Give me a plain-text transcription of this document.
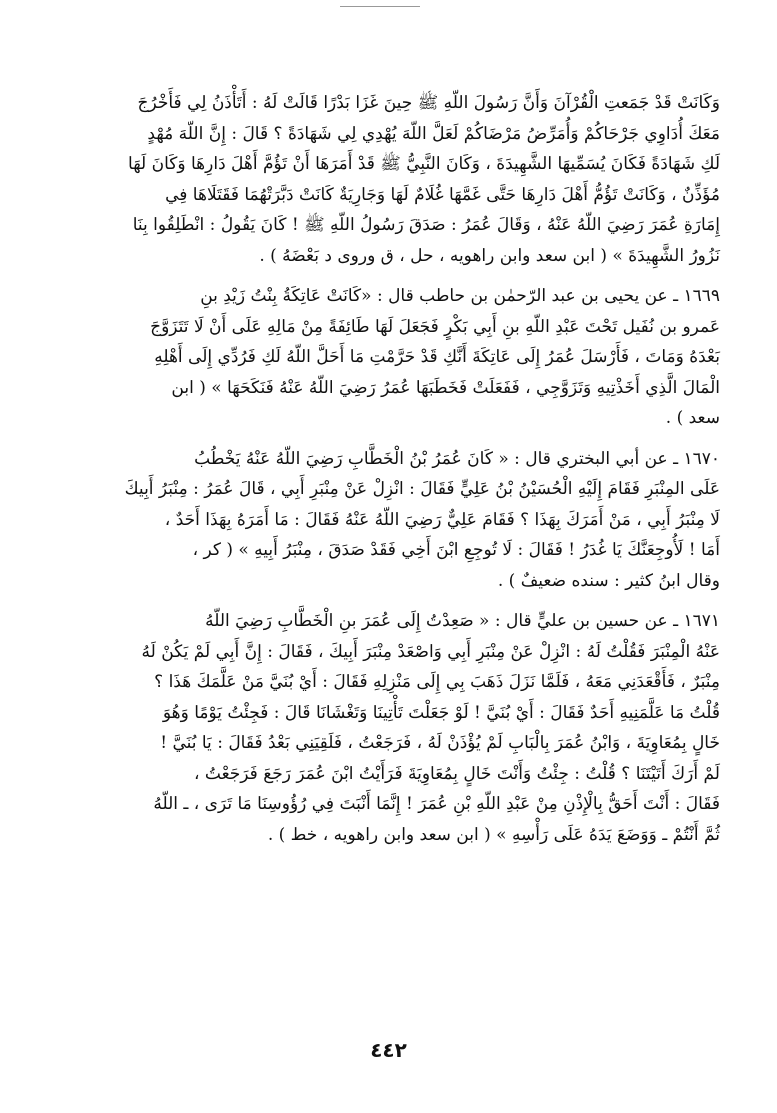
وَكَانَتْ قَدْ جَمَعتِ الْقُرْآنَ وَأَنَّ رَسُولَ اللّهِ ﷺ حِينَ غَزَا بَدْرًا قَالَتْ لَهُ : أَتَأْذَنُ لِي فَأَخْرُجَ
مَعَكَ أُدَاوِي جَرْحَاكُمْ وَأُمَرِّضُ مَرْضَاكُمْ لَعَلَّ اللّهَ يُهْدِي لِي شَهَادَةً ؟ قَالَ : إِنَّ اللّهَ مُهْدٍ
لَكِ شَهَادَةً فَكَانَ يُسَمِّيهَا الشَّهِيدَةَ ، وَكَانَ النَّبِيُّ ﷺ قَدْ أَمَرَهَا أَنْ تَؤُمَّ أَهْلَ دَارِهَا وَكَانَ لَهَا
مُؤَذِّنٌ ، وَكَانَتْ تَؤُمُّ أَهْلَ دَارِهَا حَتَّى غَمَّهَا غُلَامٌ لَهَا وَجَارِيَةٌ كَانَتْ دَبَّرَتْهُمَا فَقَتَلَاهَا فِي
إِمَارَةِ عُمَرَ رَضِيَ اللّهُ عَنْهُ ، وَقَالَ عُمَرُ : صَدَقَ رَسُولُ اللّهِ ﷺ ! كَانَ يَقُولُ : انْطَلِقُوا بِنَا
نَزُورُ الشَّهِيدَةَ » ( ابن سعد وابن راهويه ، حل ، ق وروى د بَعْضَهُ ) .

١٦٦٩ ـ عن يحيى بن عبد الرّحمٰن بن حاطب قال : «كَانَتْ عَاتِكَةُ بِنْتُ زَيْدِ بنِ
عَمرو بن نُفَيل تَحْتَ عَبْدِ اللّهِ بنِ أَبِي بَكْرٍ فَجَعَلَ لَهَا طَائِفَةً مِنْ مَالِهِ عَلَى أَنْ لَا تَتَزَوَّجَ
بَعْدَهُ وَمَاتَ ، فَأَرْسَلَ عُمَرُ إِلَى عَاتِكَةَ أَنَّكِ قَدْ حَرَّمْتِ مَا أَحَلَّ اللّهُ لَكِ فَرُدِّي إِلَى أَهْلِهِ
الْمَالَ الَّذِي أَخَذْتِيهِ وَتَزَوَّجِي ، فَفَعَلَتْ فَخَطَبَهَا عُمَرُ رَضِيَ اللّهُ عَنْهُ فَنَكَحَهَا » ( ابن
سعد ) .

١٦٧٠ ـ عن أبي البختري قال : « كَانَ عُمَرُ بْنُ الْخَطَّابِ رَضِيَ اللّهُ عَنْهُ يَخْطُبُ
عَلَى المِنْبَرِ فَقَامَ إِلَيْهِ الْحُسَيْنُ بْنُ عَلِيٍّ فَقَالَ : انْزِلْ عَنْ مِنْبَرِ أَبِي ، قَالَ عُمَرُ : مِنْبَرُ أَبِيكَ
لَا مِنْبَرُ أَبِي ، مَنْ أَمَرَكَ بِهَذَا ؟ فَقَامَ عَلِيٌّ رَضِيَ اللّهُ عَنْهُ فَقَالَ : مَا أَمَرَهُ بِهَذَا أَحَدٌ ،
أَمَا ! لَأُوجِعَنَّكَ يَا غُدَرُ ! فَقَالَ : لَا تُوجِعِ ابْنَ أَخِي فَقَدْ صَدَقَ ، مِنْبَرُ أَبِيهِ » ( كر ،
وقال ابنُ كثير : سنده ضعيفٌ ) .

١٦٧١ ـ عن حسين بن عليٍّ قال : « صَعِدْتُ إِلَى عُمَرَ بنِ الْخَطَّابِ رَضِيَ اللّهُ
عَنْهُ الْمِنْبَرَ فَقُلْتُ لَهُ : انْزِلْ عَنْ مِنْبَرِ أَبِي وَاصْعَدْ مِنْبَرَ أَبِيكَ ، فَقَالَ : إِنَّ أَبِي لَمْ يَكُنْ لَهُ
مِنْبَرٌ ، فَأَقْعَدَنِي مَعَهُ ، فَلَمَّا نَزَلَ ذَهَبَ بِي إِلَى مَنْزِلِهِ فَقَالَ : أَيْ بُنَيَّ مَنْ عَلَّمَكَ هَذَا ؟
قُلْتُ مَا عَلَّمَنِيهِ أَحَدٌ فَقَالَ : أَيْ بُنَيَّ ! لَوْ جَعَلْتَ تَأْتِينَا وَتَغْشَانَا قَالَ : فَجِئْتُ يَوْمًا وَهُوَ
خَالٍ بِمُعَاوِيَةَ ، وَابْنُ عُمَرَ بِالْبَابِ لَمْ يُؤْذَنْ لَهُ ، فَرَجَعْتُ ، فَلَقِيَنِي بَعْدُ فَقَالَ : يَا بُنَيَّ !
لَمْ أَرَكَ أَتَيْتَنَا ؟ قُلْتُ : جِئْتُ وَأَنْتَ خَالٍ بِمُعَاوِيَةَ فَرَأَيْتُ ابْنَ عُمَرَ رَجَعَ فَرَجَعْتُ ،
فَقَالَ : أَنْتَ أَحَقُّ بِالْإِذْنِ مِنْ عَبْدِ اللّهِ بْنِ عُمَرَ ! إِنَّمَا أَنْبَتَ فِي رُؤُوسِنَا مَا تَرَى ، ـ اللّهُ
ثُمَّ أَنْتُمْ ـ وَوَضَعَ يَدَهُ عَلَى رَأْسِهِ » ( ابن سعد وابن راهويه ، خط ) .

٤٤٢
